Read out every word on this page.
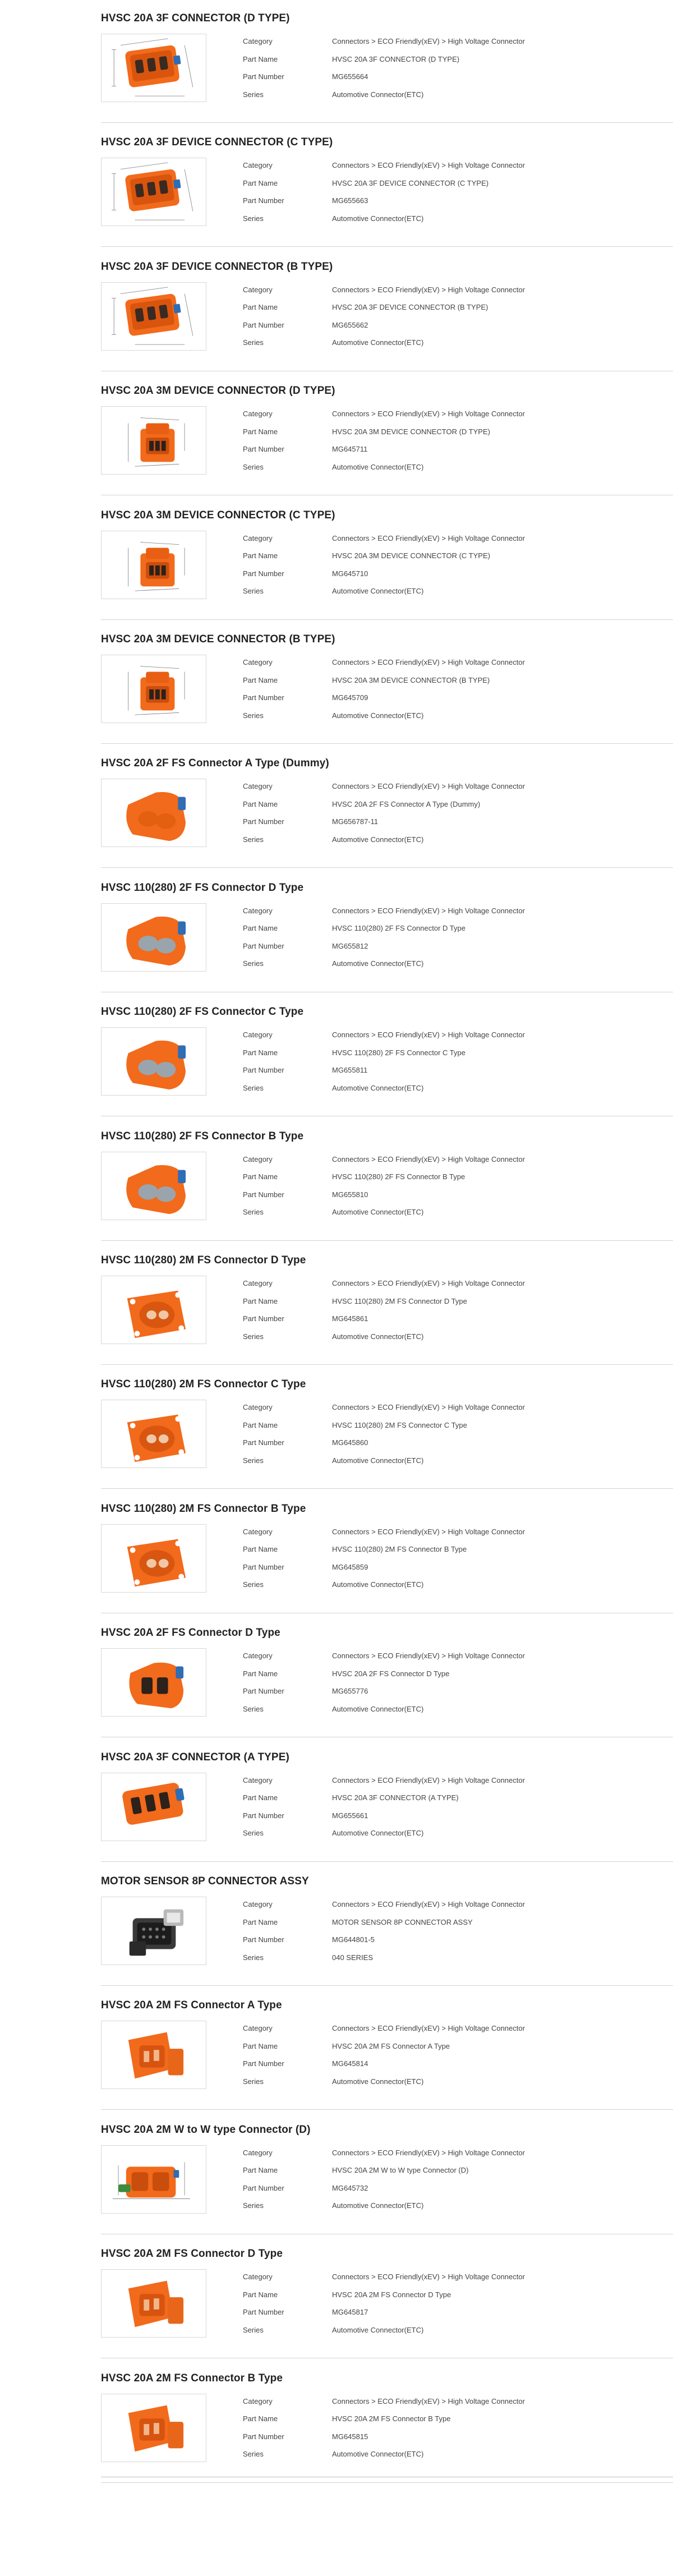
HVSC 20A 3F CONNECTOR (D TYPE)
Category	Connectors > ECO Friendly(xEV) > High Voltage Connector
Part Name	HVSC 20A 3F CONNECTOR (D TYPE)
Part Number	MG655664
Series	Automotive Connector(ETC)
HVSC 20A 3F DEVICE CONNECTOR (C TYPE)
Category	Connectors > ECO Friendly(xEV) > High Voltage Connector
Part Name	HVSC 20A 3F DEVICE CONNECTOR (C TYPE)
Part Number	MG655663
Series	Automotive Connector(ETC)
HVSC 20A 3F DEVICE CONNECTOR (B TYPE)
Category	Connectors > ECO Friendly(xEV) > High Voltage Connector
Part Name	HVSC 20A 3F DEVICE CONNECTOR (B TYPE)
Part Number	MG655662
Series	Automotive Connector(ETC)
HVSC 20A 3M DEVICE CONNECTOR (D TYPE)
Category	Connectors > ECO Friendly(xEV) > High Voltage Connector
Part Name	HVSC 20A 3M DEVICE CONNECTOR (D TYPE)
Part Number	MG645711
Series	Automotive Connector(ETC)
HVSC 20A 3M DEVICE CONNECTOR (C TYPE)
Category	Connectors > ECO Friendly(xEV) > High Voltage Connector
Part Name	HVSC 20A 3M DEVICE CONNECTOR (C TYPE)
Part Number	MG645710
Series	Automotive Connector(ETC)
HVSC 20A 3M DEVICE CONNECTOR (B TYPE)
Category	Connectors > ECO Friendly(xEV) > High Voltage Connector
Part Name	HVSC 20A 3M DEVICE CONNECTOR (B TYPE)
Part Number	MG645709
Series	Automotive Connector(ETC)
HVSC 20A 2F FS Connector A Type (Dummy)
Category	Connectors > ECO Friendly(xEV) > High Voltage Connector
Part Name	HVSC 20A 2F FS Connector A Type (Dummy)
Part Number	MG656787-11
Series	Automotive Connector(ETC)
HVSC 110(280) 2F FS Connector D Type
Category	Connectors > ECO Friendly(xEV) > High Voltage Connector
Part Name	HVSC 110(280) 2F FS Connector D Type
Part Number	MG655812
Series	Automotive Connector(ETC)
HVSC 110(280) 2F FS Connector C Type
Category	Connectors > ECO Friendly(xEV) > High Voltage Connector
Part Name	HVSC 110(280) 2F FS Connector C Type
Part Number	MG655811
Series	Automotive Connector(ETC)
HVSC 110(280) 2F FS Connector B Type
Category	Connectors > ECO Friendly(xEV) > High Voltage Connector
Part Name	HVSC 110(280) 2F FS Connector B Type
Part Number	MG655810
Series	Automotive Connector(ETC)
HVSC 110(280) 2M FS Connector D Type
Category	Connectors > ECO Friendly(xEV) > High Voltage Connector
Part Name	HVSC 110(280) 2M FS Connector D Type
Part Number	MG645861
Series	Automotive Connector(ETC)
HVSC 110(280) 2M FS Connector C Type
Category	Connectors > ECO Friendly(xEV) > High Voltage Connector
Part Name	HVSC 110(280) 2M FS Connector C Type
Part Number	MG645860
Series	Automotive Connector(ETC)
HVSC 110(280) 2M FS Connector B Type
Category	Connectors > ECO Friendly(xEV) > High Voltage Connector
Part Name	HVSC 110(280) 2M FS Connector B Type
Part Number	MG645859
Series	Automotive Connector(ETC)
HVSC 20A 2F FS Connector D Type
Category	Connectors > ECO Friendly(xEV) > High Voltage Connector
Part Name	HVSC 20A 2F FS Connector D Type
Part Number	MG655776
Series	Automotive Connector(ETC)
HVSC 20A 3F CONNECTOR (A TYPE)
Category	Connectors > ECO Friendly(xEV) > High Voltage Connector
Part Name	HVSC 20A 3F CONNECTOR (A TYPE)
Part Number	MG655661
Series	Automotive Connector(ETC)
MOTOR SENSOR 8P CONNECTOR ASSY
Category	Connectors > ECO Friendly(xEV) > High Voltage Connector
Part Name	MOTOR SENSOR 8P CONNECTOR ASSY
Part Number	MG644801-5
Series	040 SERIES
HVSC 20A 2M FS Connector A Type
Category	Connectors > ECO Friendly(xEV) > High Voltage Connector
Part Name	HVSC 20A 2M FS Connector A Type
Part Number	MG645814
Series	Automotive Connector(ETC)
HVSC 20A 2M W to W type Connector (D)
Category	Connectors > ECO Friendly(xEV) > High Voltage Connector
Part Name	HVSC 20A 2M W to W type Connector (D)
Part Number	MG645732
Series	Automotive Connector(ETC)
HVSC 20A 2M FS Connector D Type
Category	Connectors > ECO Friendly(xEV) > High Voltage Connector
Part Name	HVSC 20A 2M FS Connector D Type
Part Number	MG645817
Series	Automotive Connector(ETC)
HVSC 20A 2M FS Connector B Type
Category	Connectors > ECO Friendly(xEV) > High Voltage Connector
Part Name	HVSC 20A 2M FS Connector B Type
Part Number	MG645815
Series	Automotive Connector(ETC)
